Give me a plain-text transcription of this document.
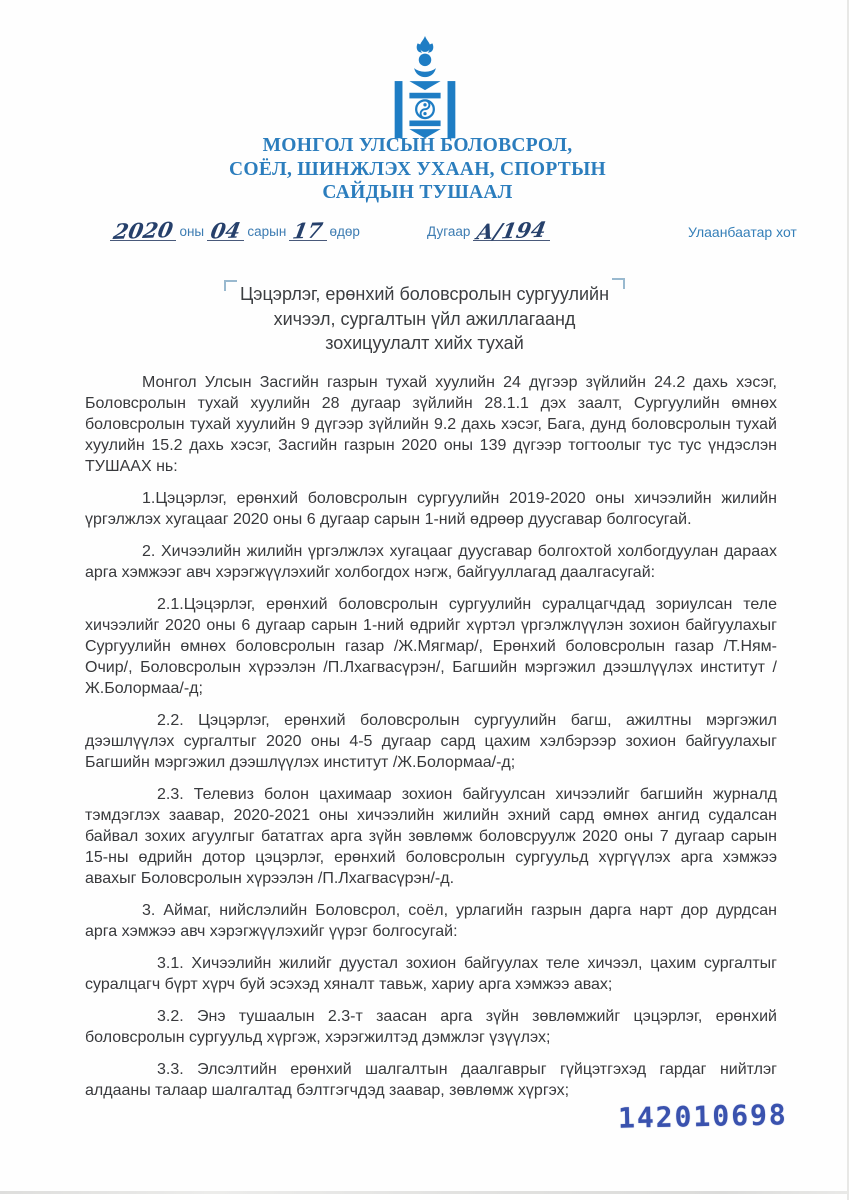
МОНГОЛ УЛСЫН БОЛОВСРОЛ,
СОЁЛ, ШИНЖЛЭХ УХААН, СПОРТЫН
САЙДЫН ТУШААЛ
2020 оны 04 сарын 17 өдөр	Дугаар А/194	Улаанбаатар хот
Цэцэрлэг, ерөнхий боловсролын сургуулийн
хичээл, сургалтын үйл ажиллагаанд
зохицуулалт хийх тухай

Монгол Улсын Засгийн газрын тухай хуулийн 24 дүгээр зүйлийн 24.2 дахь хэсэг, Боловсролын тухай хуулийн 28 дугаар зүйлийн 28.1.1 дэх заалт, Сургуулийн өмнөх боловсролын тухай хуулийн 9 дүгээр зүйлийн 9.2 дахь хэсэг, Бага, дунд боловсролын тухай хуулийн 15.2 дахь хэсэг, Засгийн газрын 2020 оны 139 дүгээр тогтоолыг тус тус үндэслэн ТУШААХ нь:

1.Цэцэрлэг, ерөнхий боловсролын сургуулийн 2019-2020 оны хичээлийн жилийн үргэлжлэх хугацааг 2020 оны 6 дугаар сарын 1-ний өдрөөр дуусгавар болгосугай.

2. Хичээлийн жилийн үргэлжлэх хугацааг дуусгавар болгохтой холбогдуулан дараах арга хэмжээг авч хэрэгжүүлэхийг холбогдох нэгж, байгууллагад даалгасугай:

2.1.Цэцэрлэг, ерөнхий боловсролын сургуулийн суралцагчдад зориулсан теле хичээлийг 2020 оны 6 дугаар сарын 1-ний өдрийг хүртэл үргэлжлүүлэн зохион байгуулахыг Сургуулийн өмнөх боловсролын газар /Ж.Мягмар/, Ерөнхий боловсролын газар /Т.Ням-Очир/, Боловсролын хүрээлэн /П.Лхагвасүрэн/, Багшийн мэргэжил дээшлүүлэх институт /Ж.Болормаа/-д;

2.2. Цэцэрлэг, ерөнхий боловсролын сургуулийн багш, ажилтны мэргэжил дээшлүүлэх сургалтыг 2020 оны 4-5 дугаар сард цахим хэлбэрээр зохион байгуулахыг Багшийн мэргэжил дээшлүүлэх институт /Ж.Болормаа/-д;

2.3. Телевиз болон цахимаар зохион байгуулсан хичээлийг багшийн журналд тэмдэглэх заавар, 2020-2021 оны хичээлийн жилийн эхний сард өмнөх ангид судалсан байвал зохих агуулгыг бататгах арга зүйн зөвлөмж боловсруулж 2020 оны 7 дугаар сарын 15-ны өдрийн дотор цэцэрлэг, ерөнхий боловсролын сургуульд хүргүүлэх арга хэмжээ авахыг Боловсролын хүрээлэн /П.Лхагвасүрэн/-д.

3. Аймаг, нийслэлийн Боловсрол, соёл, урлагийн газрын дарга нарт дор дурдсан арга хэмжээ авч хэрэгжүүлэхийг үүрэг болгосугай:

3.1. Хичээлийн жилийг дуустал зохион байгуулах теле хичээл, цахим сургалтыг суралцагч бүрт хүрч буй эсэхэд хяналт тавьж, хариу арга хэмжээ авах;

3.2. Энэ тушаалын 2.3-т заасан арга зүйн зөвлөмжийг цэцэрлэг, ерөнхий боловсролын сургуульд хүргэж, хэрэгжилтэд дэмжлэг үзүүлэх;

3.3. Элсэлтийн ерөнхий шалгалтын даалгаврыг гүйцэтгэхэд гардаг нийтлэг алдааны талаар шалгалтад бэлтгэгчдэд заавар, зөвлөмж хүргэх;

142010698
